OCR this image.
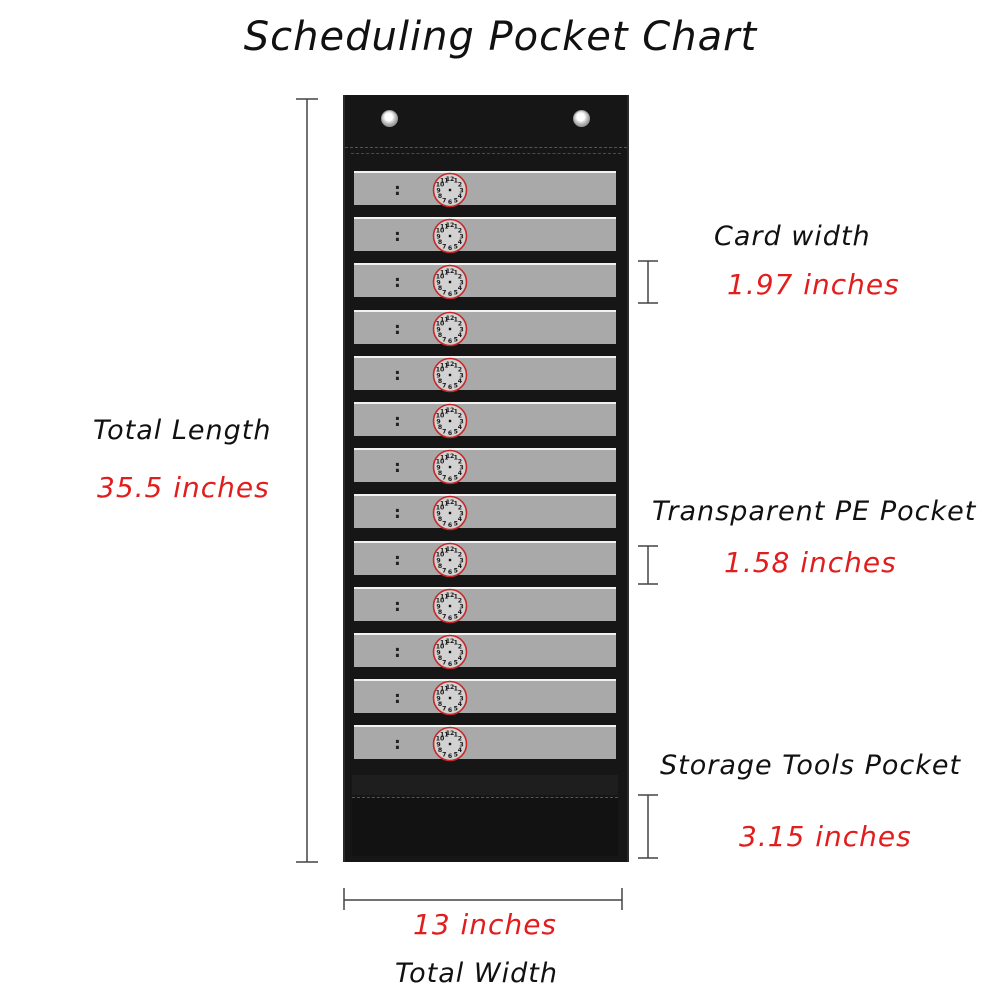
Scheduling Pocket Chart
:	12 1
2
3
4
5
6
7
8
9
10
11
:	12 1
2
3
4
5
6
7
8
9
10
11
:	12 1
2
3
4
5
6
7
8
9
10
11
:	12 1
2
3
4
5
6
7
8
9
10
11
:	12 1
2
3
4
5
6
7
8
9
10
11
:	12 1
2
3
4
5
6
7
8
9
10
11
:	12 1
2
3
4
5
6
7
8
9
10
11
:	12 1
2
3
4
5
6
7
8
9
10
11
:	12 1
2
3
4
5
6
7
8
9
10
11
:	12 1
2
3
4
5
6
7
8
9
10
11
:	12 1
2
3
4
5
6
7
8
9
10
11
:	12 1
2
3
4
5
6
7
8
9
10
11
:	12 1
2
3
4
5
6
7
8
9
10
11
Total Length
35.5 inches
Card width
1.97 inches
Transparent PE Pocket
1.58 inches
Storage Tools Pocket
3.15 inches
13 inches
Total Width
